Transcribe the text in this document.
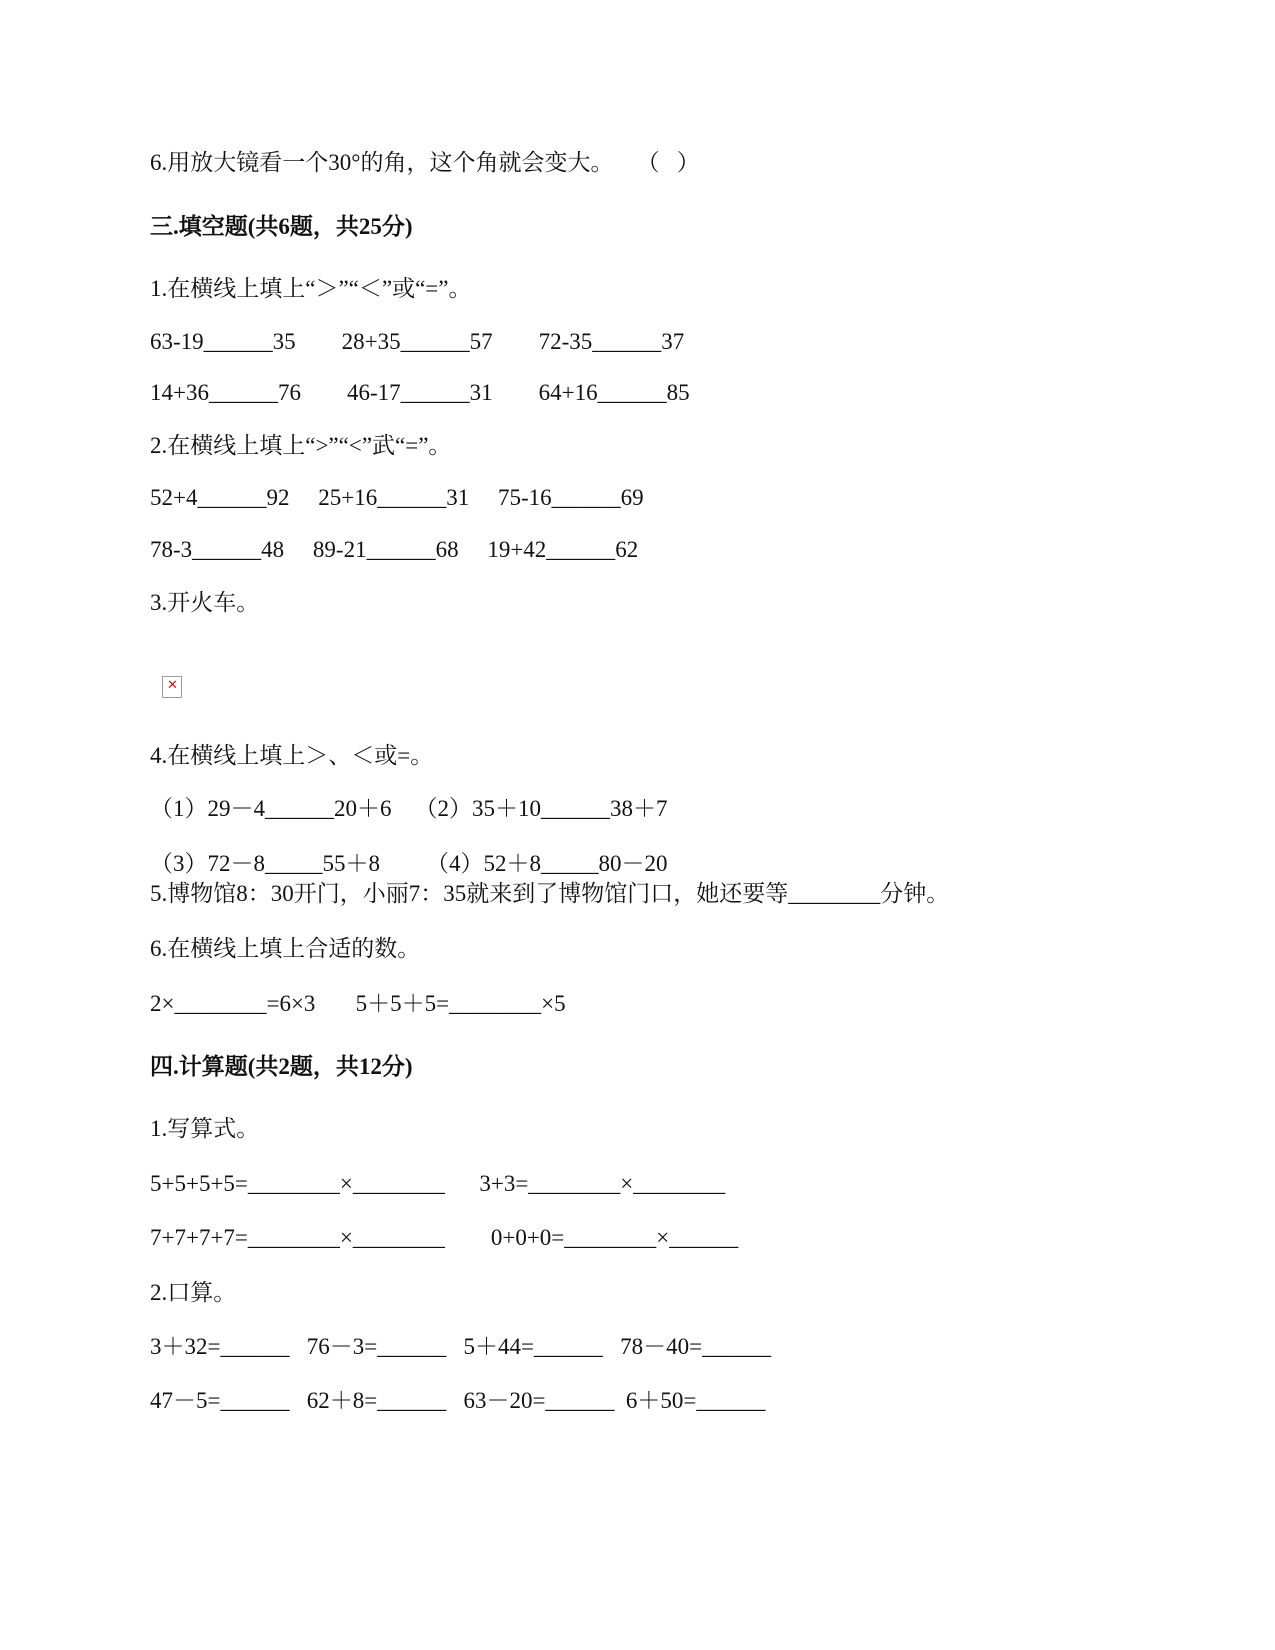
6.用放大镜看一个30°的角，这个角就会变大。    （   ）
三.填空题(共6题，共25分)
1.在横线上填上“＞”“＜”或“=”。
63-19______35        28+35______57        72-35______37
14+36______76        46-17______31        64+16______85
2.在横线上填上“>”“<”武“=”。
52+4______92     25+16______31     75-16______69
78-3______48     89-21______68     19+42______62
3.开火车。
✕
4.在横线上填上＞、＜或=。
（1）29－4______20＋6    （2）35＋10______38＋7
（3）72－8_____55＋8        （4）52＋8_____80－20
5.博物馆8：30开门，小丽7：35就来到了博物馆门口，她还要等________分钟。
6.在横线上填上合适的数。
2×________=6×3       5＋5＋5=________×5
四.计算题(共2题，共12分)
1.写算式。
5+5+5+5=________×________      3+3=________×________
7+7+7+7=________×________        0+0+0=________×______
2.口算。
3＋32=______   76－3=______   5＋44=______   78－40=______
47－5=______   62＋8=______   63－20=______  6＋50=______
